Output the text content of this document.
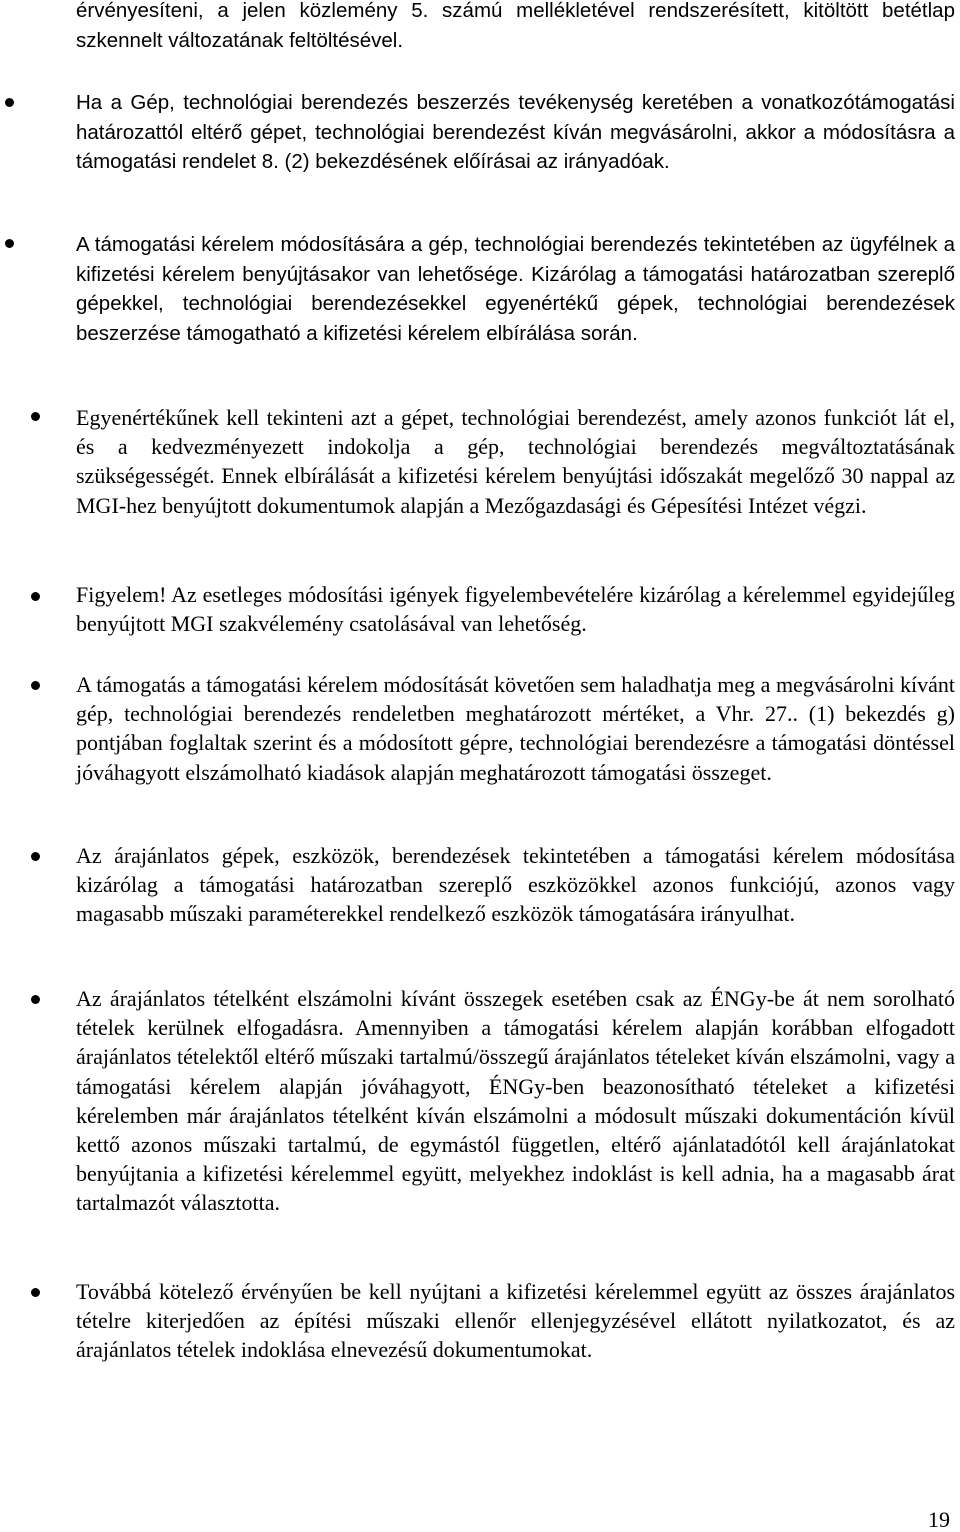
érvényesíteni, a jelen közlemény 5. számú mellékletével rendszerésített, kitöltött betétlap szkennelt változatának feltöltésével.
Ha a Gép, technológiai berendezés beszerzés tevékenység keretében a vonatkozótámogatási határozattól eltérő gépet, technológiai berendezést kíván megvásárolni, akkor a módosításra a támogatási rendelet 8. (2) bekezdésének előírásai az irányadóak.
A támogatási kérelem módosítására a gép, technológiai berendezés tekintetében az ügyfélnek a kifizetési kérelem benyújtásakor van lehetősége. Kizárólag a támogatási határozatban szereplő gépekkel, technológiai berendezésekkel egyenértékű gépek, technológiai berendezések beszerzése támogatható a kifizetési kérelem elbírálása során.
Egyenértékűnek kell tekinteni azt a gépet, technológiai berendezést, amely azonos funkciót lát el, és a kedvezményezett indokolja a gép, technológiai berendezés megváltoztatásának szükségességét. Ennek elbírálását a kifizetési kérelem benyújtási időszakát megelőző 30 nappal az MGI-hez benyújtott dokumentumok alapján a Mezőgazdasági és Gépesítési Intézet végzi.
Figyelem! Az esetleges módosítási igények figyelembevételére kizárólag a kérelemmel egyidejűleg benyújtott MGI szakvélemény csatolásával van lehetőség.
A támogatás a támogatási kérelem módosítását követően sem haladhatja meg a megvásárolni kívánt gép, technológiai berendezés rendeletben meghatározott mértéket, a Vhr. 27.. (1) bekezdés g) pontjában foglaltak szerint és a módosított gépre, technológiai berendezésre a támogatási döntéssel jóváhagyott elszámolható kiadások alapján meghatározott támogatási összeget.
Az árajánlatos gépek, eszközök, berendezések tekintetében a támogatási kérelem módosítása kizárólag a támogatási határozatban szereplő eszközökkel azonos funkciójú, azonos vagy magasabb műszaki paraméterekkel rendelkező eszközök támogatására irányulhat.
Az árajánlatos tételként elszámolni kívánt összegek esetében csak az ÉNGy-be át nem sorolható tételek kerülnek elfogadásra. Amennyiben a támogatási kérelem alapján korábban elfogadott árajánlatos tételektől eltérő műszaki tartalmú/összegű árajánlatos tételeket kíván elszámolni, vagy a támogatási kérelem alapján jóváhagyott, ÉNGy-ben beazonosítható tételeket a kifizetési kérelemben már árajánlatos tételként kíván elszámolni a módosult műszaki dokumentáción kívül kettő azonos műszaki tartalmú, de egymástól független, eltérő ajánlatadótól kell árajánlatokat benyújtania a kifizetési kérelemmel együtt, melyekhez indoklást is kell adnia, ha a magasabb árat tartalmazót választotta.
Továbbá kötelező érvényűen be kell nyújtani a kifizetési kérelemmel együtt az összes árajánlatos tételre kiterjedően az építési műszaki ellenőr ellenjegyzésével ellátott nyilatkozatot, és az árajánlatos tételek indoklása elnevezésű dokumentumokat.
19
